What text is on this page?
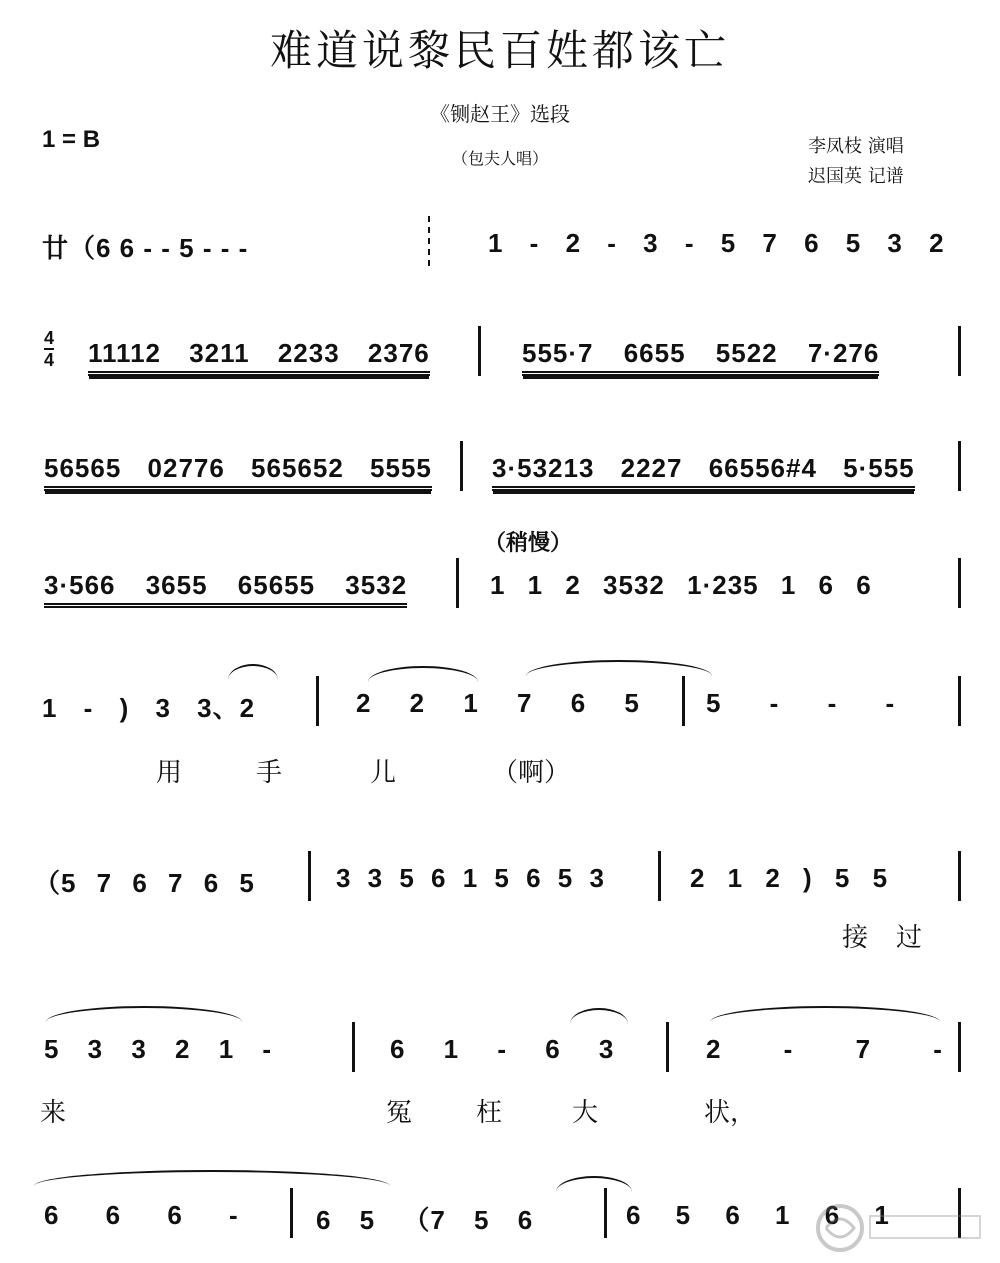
难道说黎民百姓都该亡
《铡赵王》选段
（包夫人唱）
1 = B	李凤枝 演唱
迟国英 记谱
廿（6 6 - - 5 - - -	1 - 2 - 3 - 5 7 6 5 3 2
4
4 11112 3211 2233 2376	555·7 6655 5522 7·276
56565 02776 565652 5555 3·53213 2227 66556#4 5·555
（稍慢）
3·566 3655 65655 3532	1 1 2 3532 1·235 1 6 6
1 - ) 3 3、2	2 2 1 7 6 5	5 - - -
用	手	儿	（啊）
（5 7 6 7 6 5	3 3 5 6 1 5 6 5 3	2 1 2 ) 5 5
接 过
5 3 3 2 1 -	6 1 - 6 3	2 - 7 -
来	冤 枉	大	状，
6 6 6 -	6 5 （7 5 6	6 5 6 1 6 1
